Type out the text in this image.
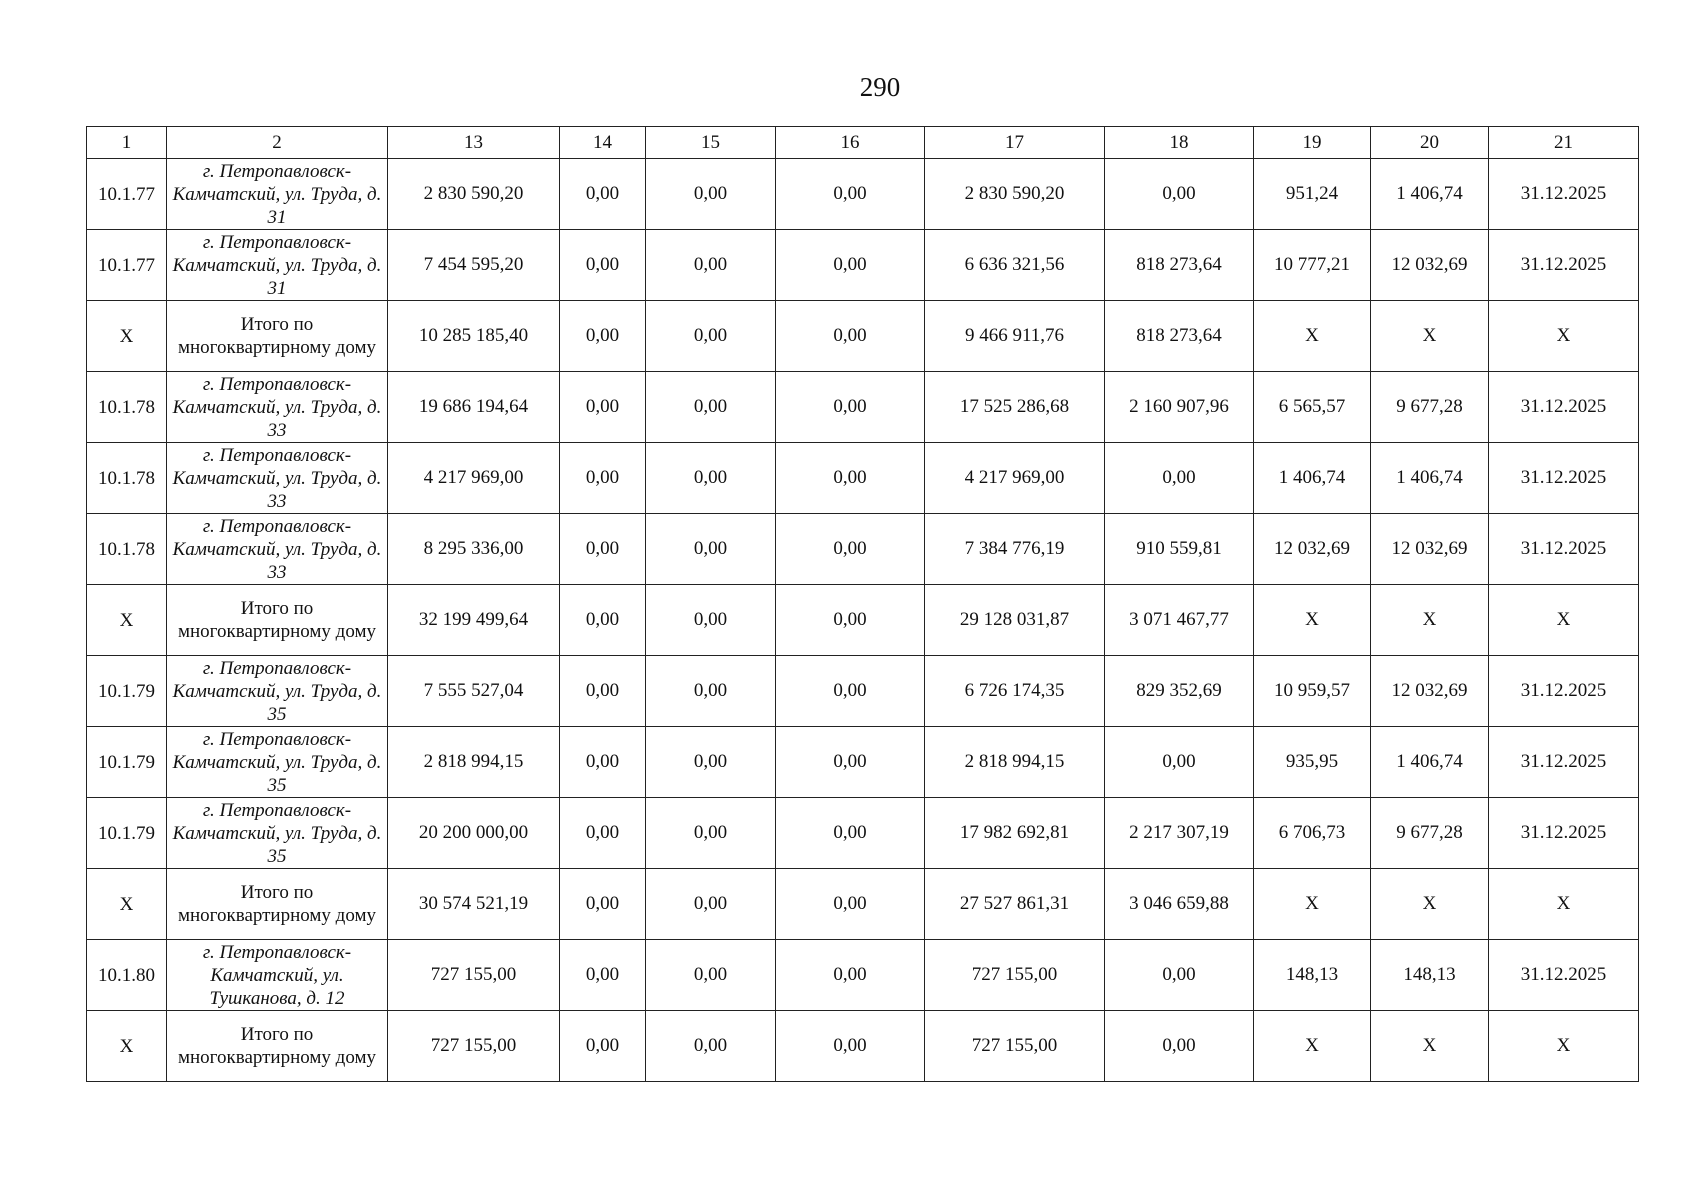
290
1	2	13	14	15	16	17	18	19	20	21
10.1.77	г. Петропавловск-Камчатский, ул. Труда, д. 31	2 830 590,20	0,00	0,00	0,00	2 830 590,20	0,00	951,24	1 406,74	31.12.2025
10.1.77	г. Петропавловск-Камчатский, ул. Труда, д. 31	7 454 595,20	0,00	0,00	0,00	6 636 321,56	818 273,64	10 777,21	12 032,69	31.12.2025
X	Итого по многоквартирному дому	10 285 185,40	0,00	0,00	0,00	9 466 911,76	818 273,64	X	X	X
10.1.78	г. Петропавловск-Камчатский, ул. Труда, д. 33	19 686 194,64	0,00	0,00	0,00	17 525 286,68	2 160 907,96	6 565,57	9 677,28	31.12.2025
10.1.78	г. Петропавловск-Камчатский, ул. Труда, д. 33	4 217 969,00	0,00	0,00	0,00	4 217 969,00	0,00	1 406,74	1 406,74	31.12.2025
10.1.78	г. Петропавловск-Камчатский, ул. Труда, д. 33	8 295 336,00	0,00	0,00	0,00	7 384 776,19	910 559,81	12 032,69	12 032,69	31.12.2025
X	Итого по многоквартирному дому	32 199 499,64	0,00	0,00	0,00	29 128 031,87	3 071 467,77	X	X	X
10.1.79	г. Петропавловск-Камчатский, ул. Труда, д. 35	7 555 527,04	0,00	0,00	0,00	6 726 174,35	829 352,69	10 959,57	12 032,69	31.12.2025
10.1.79	г. Петропавловск-Камчатский, ул. Труда, д. 35	2 818 994,15	0,00	0,00	0,00	2 818 994,15	0,00	935,95	1 406,74	31.12.2025
10.1.79	г. Петропавловск-Камчатский, ул. Труда, д. 35	20 200 000,00	0,00	0,00	0,00	17 982 692,81	2 217 307,19	6 706,73	9 677,28	31.12.2025
X	Итого по многоквартирному дому	30 574 521,19	0,00	0,00	0,00	27 527 861,31	3 046 659,88	X	X	X
10.1.80	г. Петропавловск-Камчатский, ул. Тушканова, д. 12	727 155,00	0,00	0,00	0,00	727 155,00	0,00	148,13	148,13	31.12.2025
X	Итого по многоквартирному дому	727 155,00	0,00	0,00	0,00	727 155,00	0,00	X	X	X
